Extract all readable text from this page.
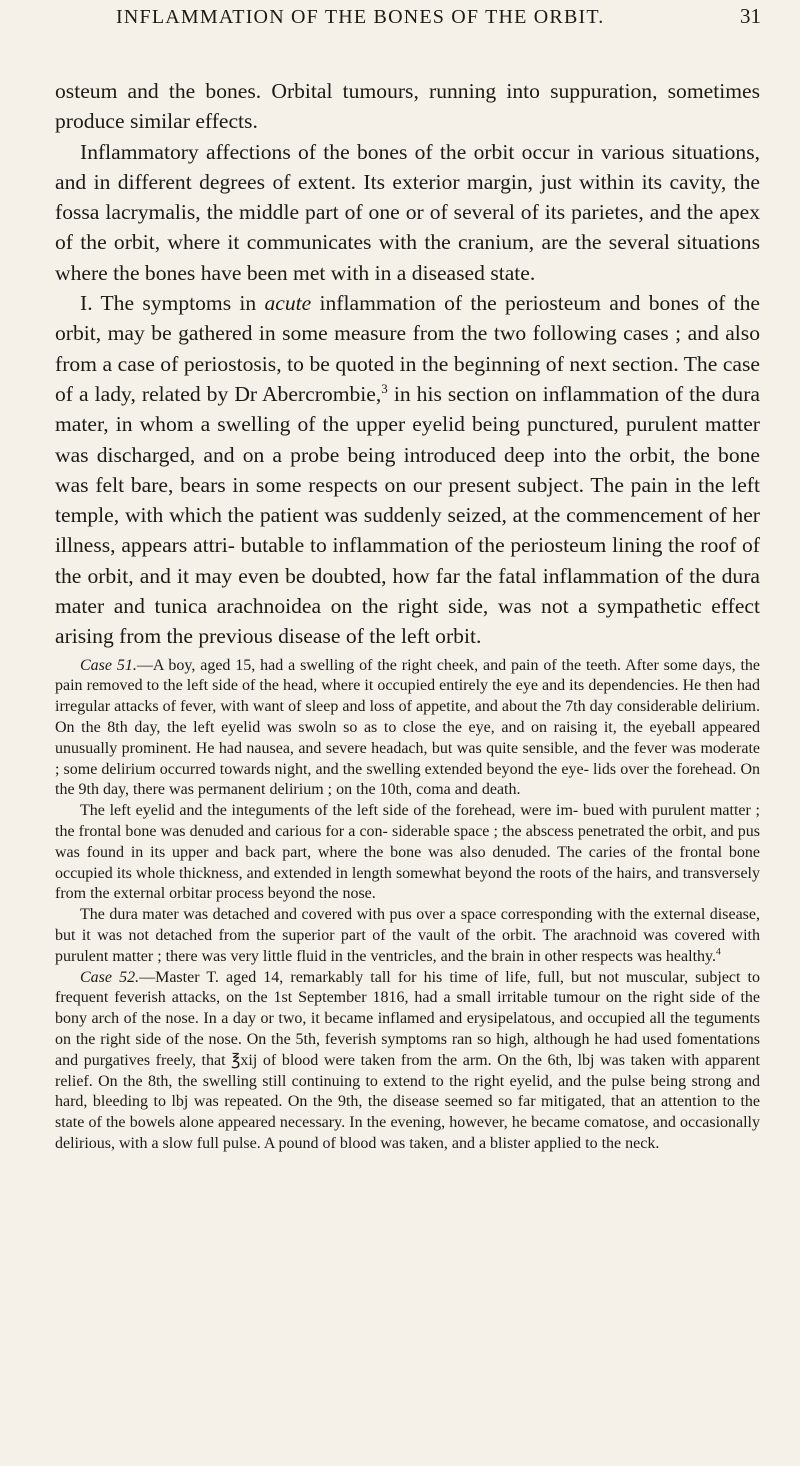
INFLAMMATION OF THE BONES OF THE ORBIT.	31

osteum and the bones. Orbital tumours, running into suppuration, sometimes produce similar effects.

Inflammatory affections of the bones of the orbit occur in various situations, and in different degrees of extent. Its exterior margin, just within its cavity, the fossa lacrymalis, the middle part of one or of several of its parietes, and the apex of the orbit, where it communicates with the cranium, are the several situations where the bones have been met with in a diseased state.

I. The symptoms in acute inflammation of the periosteum and bones of the orbit, may be gathered in some measure from the two following cases ; and also from a case of periostosis, to be quoted in the beginning of next section. The case of a lady, related by Dr Abercrombie,$^3$ in his section on inflammation of the dura mater, in whom a swelling of the upper eyelid being punctured, purulent matter was discharged, and on a probe being introduced deep into the orbit, the bone was felt bare, bears in some respects on our present subject. The pain in the left temple, with which the patient was suddenly seized, at the commencement of her illness, appears attri- butable to inflammation of the periosteum lining the roof of the orbit, and it may even be doubted, how far the fatal inflammation of the dura mater and tunica arachnoidea on the right side, was not a sympathetic effect arising from the previous disease of the left orbit.

Case 51.—A boy, aged 15, had a swelling of the right cheek, and pain of the teeth. After some days, the pain removed to the left side of the head, where it occupied entirely the eye and its dependencies. He then had irregular attacks of fever, with want of sleep and loss of appetite, and about the 7th day considerable delirium. On the 8th day, the left eyelid was swoln so as to close the eye, and on raising it, the eyeball appeared unusually prominent. He had nausea, and severe headach, but was quite sensible, and the fever was moderate ; some delirium occurred towards night, and the swelling extended beyond the eye- lids over the forehead. On the 9th day, there was permanent delirium ; on the 10th, coma and death.

The left eyelid and the integuments of the left side of the forehead, were im- bued with purulent matter ; the frontal bone was denuded and carious for a con- siderable space ; the abscess penetrated the orbit, and pus was found in its upper and back part, where the bone was also denuded. The caries of the frontal bone occupied its whole thickness, and extended in length somewhat beyond the roots of the hairs, and transversely from the external orbitar process beyond the nose.

The dura mater was detached and covered with pus over a space corresponding with the external disease, but it was not detached from the superior part of the vault of the orbit. The arachnoid was covered with purulent matter ; there was very little fluid in the ventricles, and the brain in other respects was healthy.$^4$

Case 52.—Master T. aged 14, remarkably tall for his time of life, full, but not muscular, subject to frequent feverish attacks, on the 1st September 1816, had a small irritable tumour on the right side of the bony arch of the nose. In a day or two, it became inflamed and erysipelatous, and occupied all the teguments on the right side of the nose. On the 5th, feverish symptoms ran so high, although he had used fomentations and purgatives freely, that ℥xij of blood were taken from the arm. On the 6th, lbj was taken with apparent relief. On the 8th, the swelling still continuing to extend to the right eyelid, and the pulse being strong and hard, bleeding to lbj was repeated. On the 9th, the disease seemed so far mitigated, that an attention to the state of the bowels alone appeared necessary. In the evening, however, he became comatose, and occasionally delirious, with a slow full pulse. A pound of blood was taken, and a blister applied to the neck.
